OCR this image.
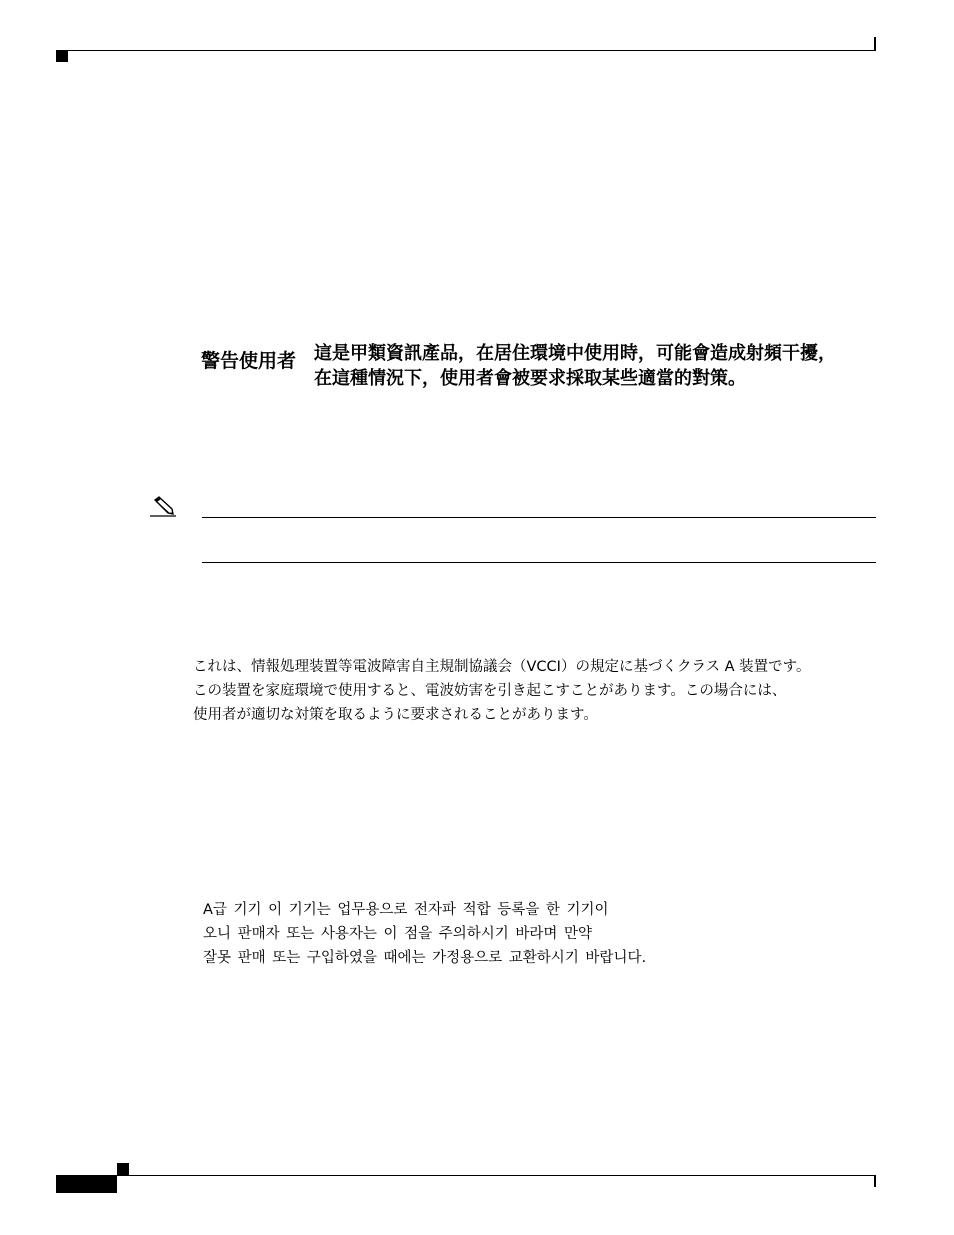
警告使用者 這是甲類資訊產品，在居住環境中使用時，可能會造成射頻干擾，
在這種情況下，使用者會被要求採取某些適當的對策。
これは、情報処理装置等電波障害自主規制協議会（VCCI）の規定に基づくクラス A 装置です。
この装置を家庭環境で使用すると、電波妨害を引き起こすことがあります。この場合には、
使用者が適切な対策を取るように要求されることがあります。
A급 기기 이 기기는 업무용으로 전자파 적합 등록을 한 기기이
오니 판매자 또는 사용자는 이 점을 주의하시기 바라며 만약
잘못 판매 또는 구입하였을 때에는 가정용으로 교환하시기 바랍니다.
